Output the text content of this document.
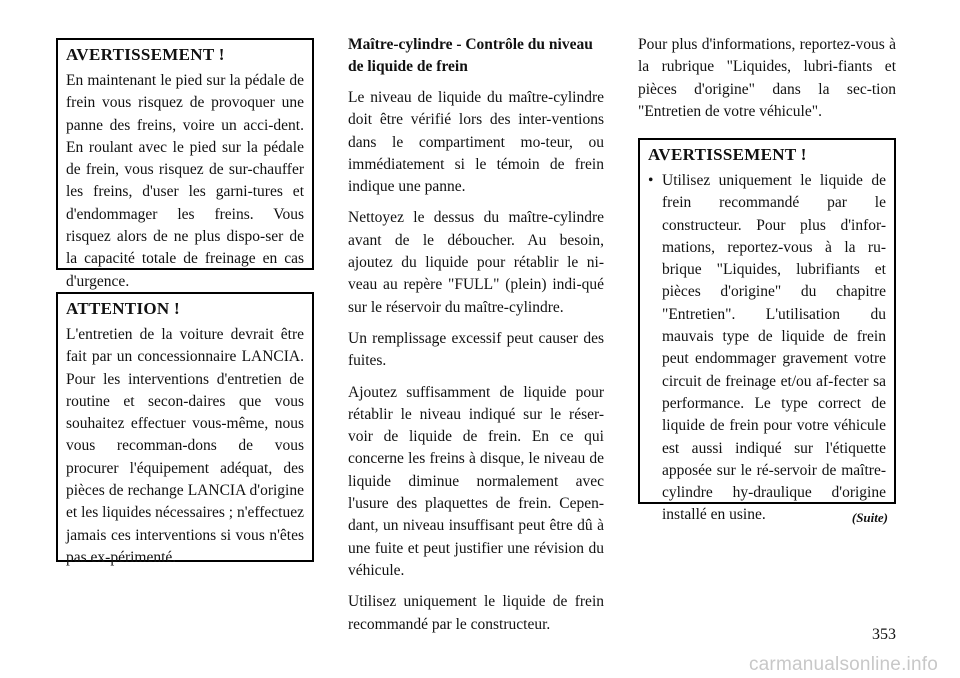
AVERTISSEMENT !

En maintenant le pied sur la pédale de frein vous risquez de provoquer une panne des freins, voire un acci-dent. En roulant avec le pied sur la pédale de frein, vous risquez de sur-chauffer les freins, d'user les garni-tures et d'endommager les freins. Vous risquez alors de ne plus dispo-ser de la capacité totale de freinage en cas d'urgence.

ATTENTION !

L'entretien de la voiture devrait être fait par un concessionnaire LANCIA. Pour les interventions d'entretien de routine et secon-daires que vous souhaitez effectuer vous-même, nous vous recomman-dons de vous procurer l'équipement adéquat, des pièces de rechange LANCIA d'origine et les liquides nécessaires ; n'effectuez jamais ces interventions si vous n'êtes pas ex-périmenté.

Maître-cylindre - Contrôle du niveau de liquide de frein

Le niveau de liquide du maître-cylindre doit être vérifié lors des inter-ventions dans le compartiment mo-teur, ou immédiatement si le témoin de frein indique une panne.

Nettoyez le dessus du maître-cylindre avant de le déboucher. Au besoin, ajoutez du liquide pour rétablir le ni-veau au repère "FULL" (plein) indi-qué sur le réservoir du maître-cylindre.

Un remplissage excessif peut causer des fuites.

Ajoutez suffisamment de liquide pour rétablir le niveau indiqué sur le réser-voir de liquide de frein. En ce qui concerne les freins à disque, le niveau de liquide diminue normalement avec l'usure des plaquettes de frein. Cepen-dant, un niveau insuffisant peut être dû à une fuite et peut justifier une révision du véhicule.

Utilisez uniquement le liquide de frein recommandé par le constructeur.

Pour plus d'informations, reportez-vous à la rubrique "Liquides, lubri-fiants et pièces d'origine" dans la sec-tion "Entretien de votre véhicule".

AVERTISSEMENT !
• Utilisez uniquement le liquide de frein recommandé par le constructeur. Pour plus d'infor-mations, reportez-vous à la ru-brique "Liquides, lubrifiants et pièces d'origine" du chapitre "Entretien". L'utilisation du mauvais type de liquide de frein peut endommager gravement votre circuit de freinage et/ou af-fecter sa performance. Le type correct de liquide de frein pour votre véhicule est aussi indiqué sur l'étiquette apposée sur le ré-servoir de maître-cylindre hy-draulique d'origine installé en usine.	(Suite)
353
carmanualsonline.info
